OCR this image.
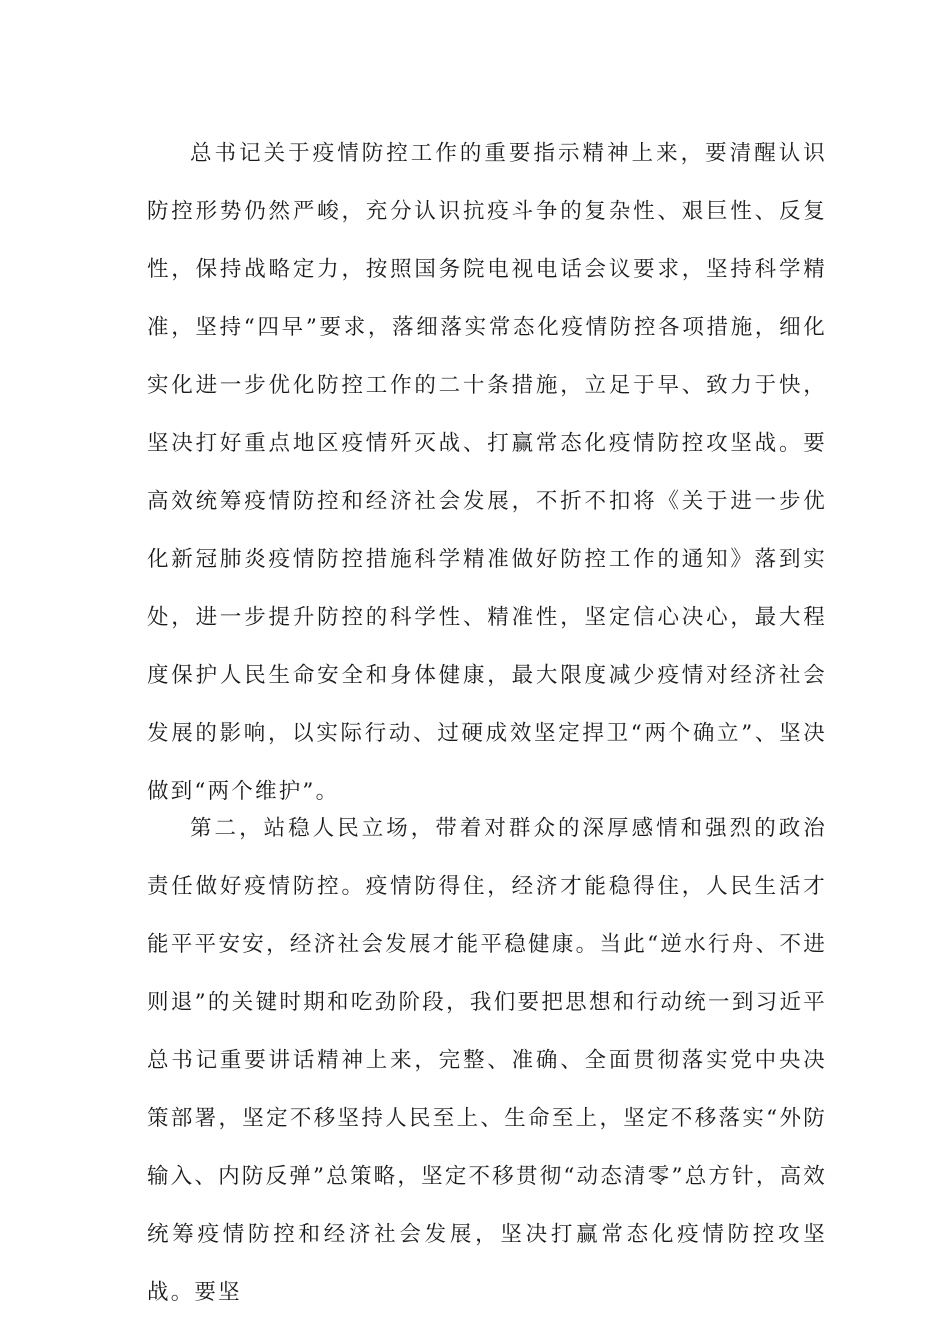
总书记关于疫情防控工作的重要指示精神上来，要清醒认识防控形势仍然严峻，充分认识抗疫斗争的复杂性、艰巨性、反复性，保持战略定力，按照国务院电视电话会议要求，坚持科学精准，坚持“四早”要求，落细落实常态化疫情防控各项措施，细化实化进一步优化防控工作的二十条措施，立足于早、致力于快，坚决打好重点地区疫情歼灭战、打赢常态化疫情防控攻坚战。要高效统筹疫情防控和经济社会发展，不折不扣将《关于进一步优化新冠肺炎疫情防控措施科学精准做好防控工作的通知》落到实处，进一步提升防控的科学性、精准性，坚定信心决心，最大程度保护人民生命安全和身体健康，最大限度减少疫情对经济社会发展的影响，以实际行动、过硬成效坚定捍卫“两个确立”、坚决做到“两个维护”。

第二，站稳人民立场，带着对群众的深厚感情和强烈的政治责任做好疫情防控。疫情防得住，经济才能稳得住，人民生活才能平平安安，经济社会发展才能平稳健康。当此“逆水行舟、不进则退”的关键时期和吃劲阶段，我们要把思想和行动统一到习近平总书记重要讲话精神上来，完整、准确、全面贯彻落实党中央决策部署，坚定不移坚持人民至上、生命至上，坚定不移落实“外防输入、内防反弹”总策略，坚定不移贯彻“动态清零”总方针，高效统筹疫情防控和经济社会发展，坚决打赢常态化疫情防控攻坚战。要坚
